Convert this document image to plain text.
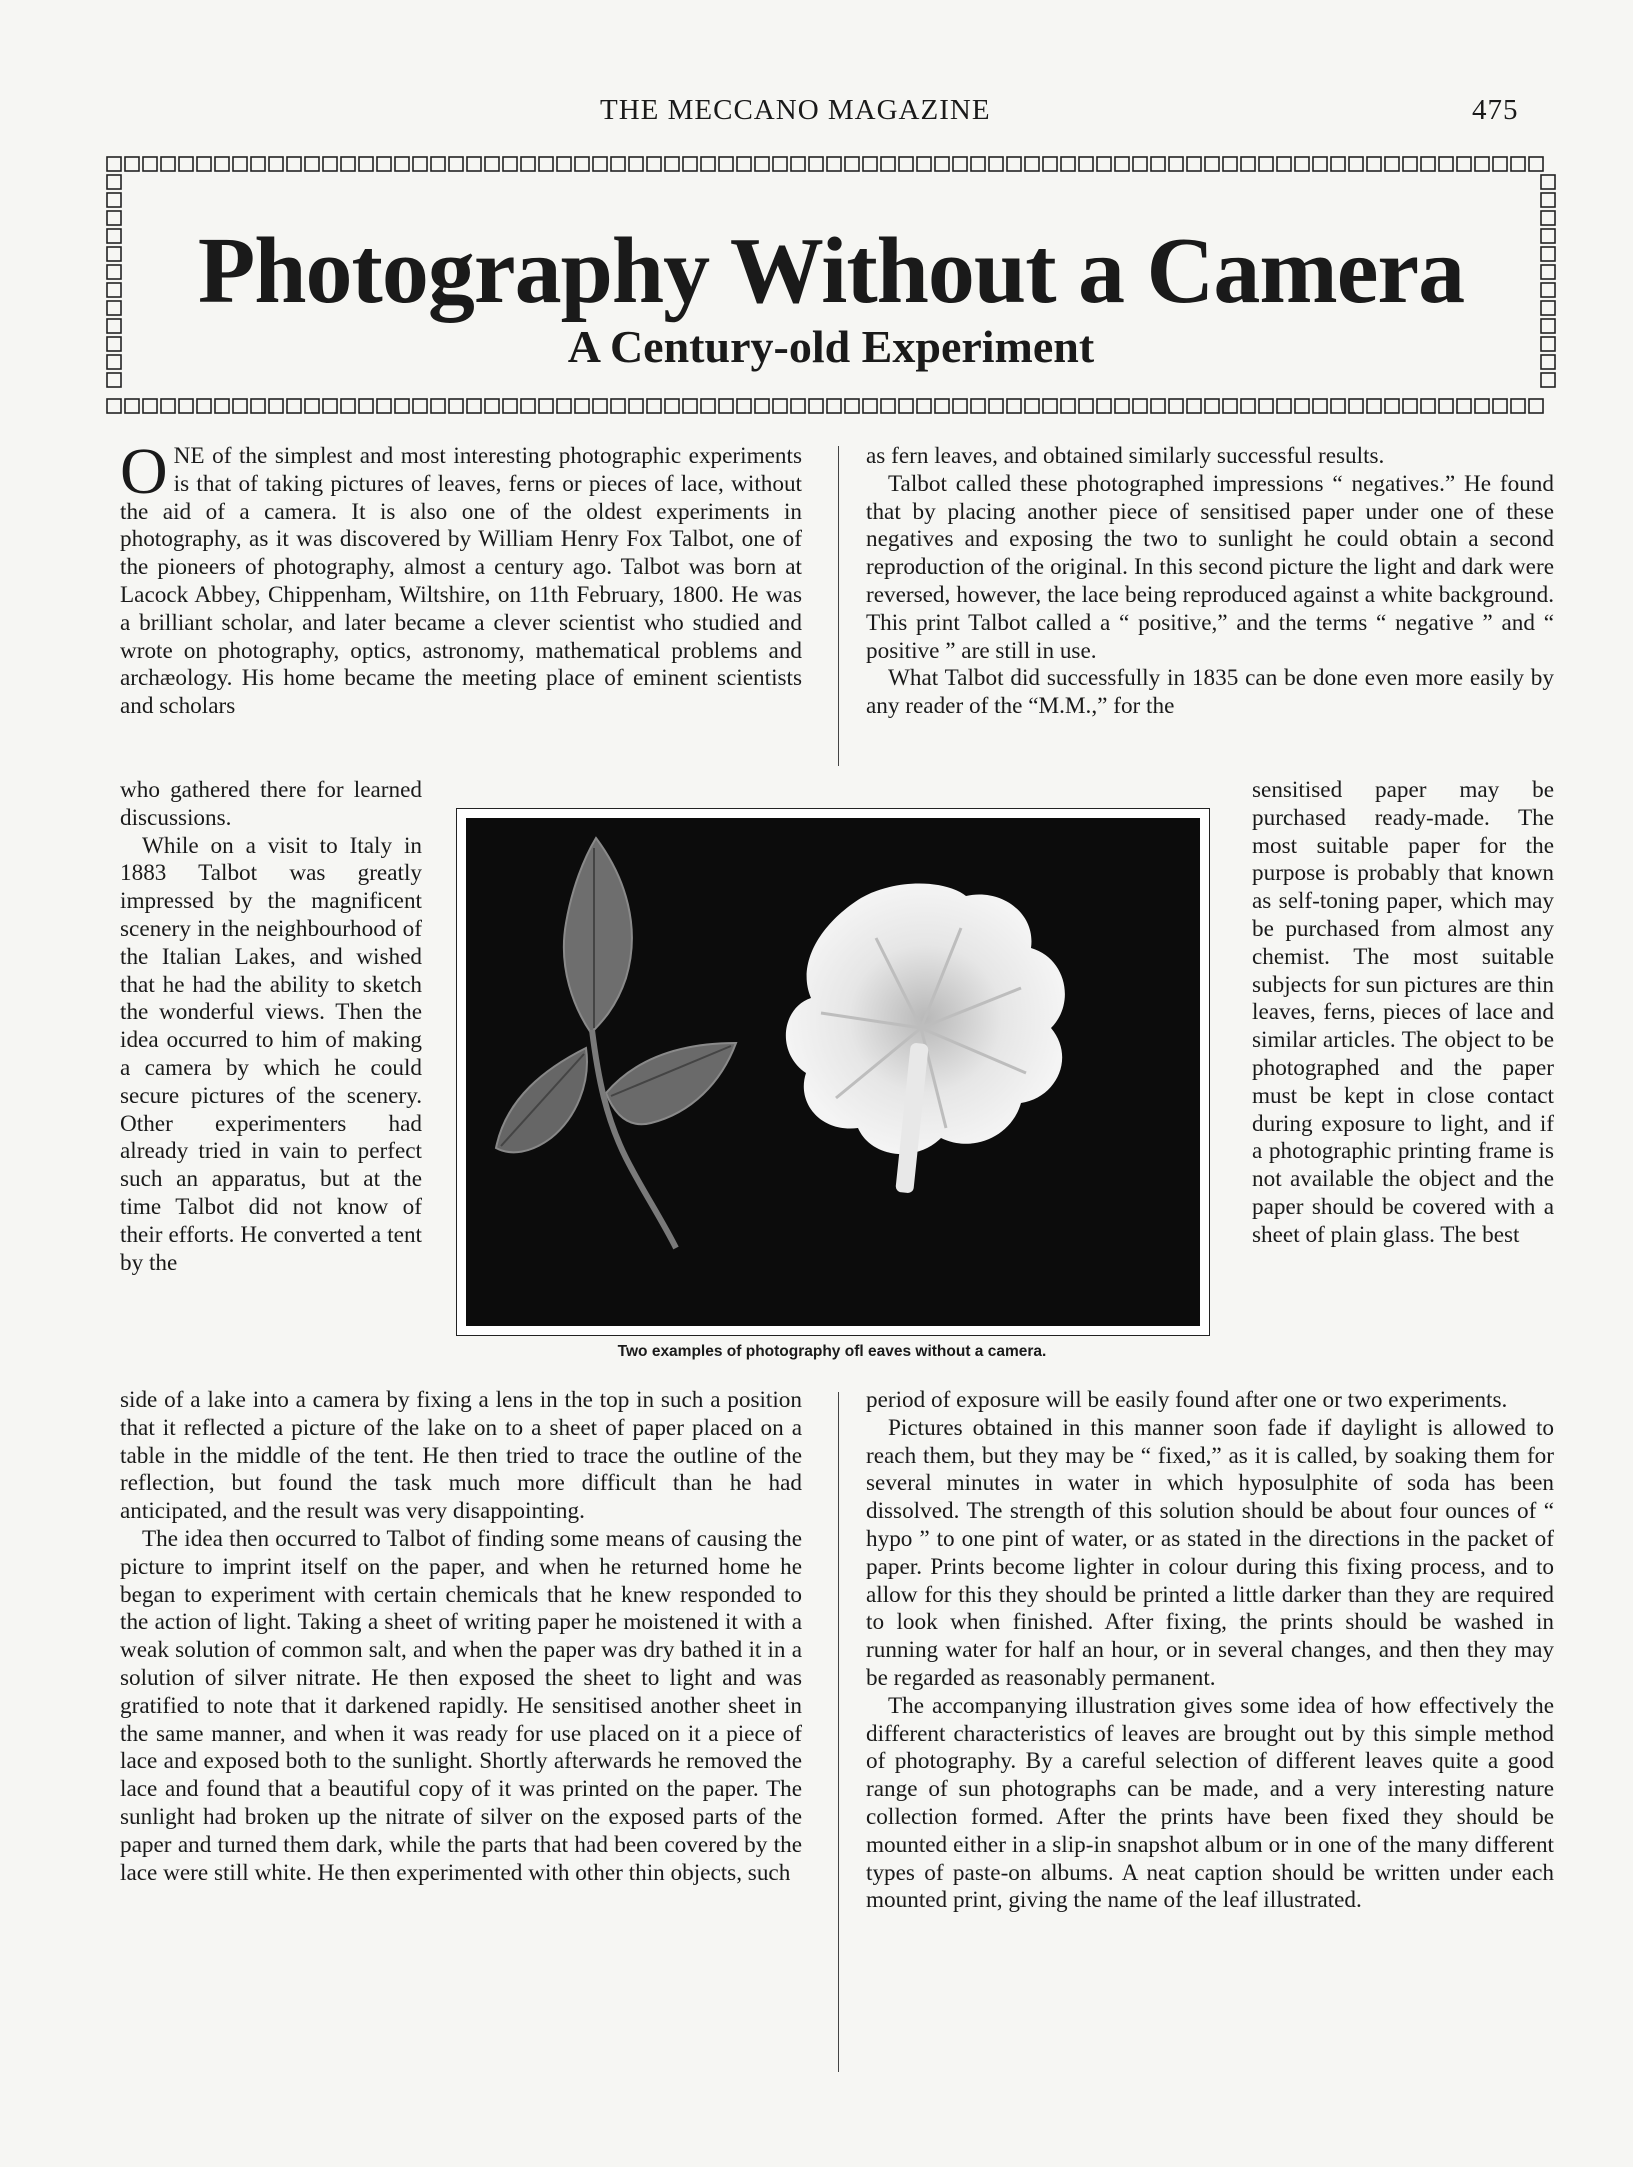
THE MECCANO MAGAZINE	475
Photography Without a Camera
A Century-old Experiment

ONE of the simplest and most interesting photographic experiments is that of taking pictures of leaves, ferns or pieces of lace, without the aid of a camera. It is also one of the oldest experiments in photography, as it was discovered by William Henry Fox Talbot, one of the pioneers of photography, almost a century ago. Talbot was born at Lacock Abbey, Chippenham, Wiltshire, on 11th February, 1800. He was a brilliant scholar, and later became a clever scientist who studied and wrote on photography, optics, astronomy, mathematical problems and archæology. His home became the meeting place of eminent scientists and scholars

who gathered there for learned discussions.

While on a visit to Italy in 1883 Talbot was greatly impressed by the magnificent scenery in the neighbourhood of the Italian Lakes, and wished that he had the ability to sketch the wonderful views. Then the idea occurred to him of making a camera by which he could secure pictures of the scenery. Other experimenters had already tried in vain to perfect such an apparatus, but at the time Talbot did not know of their efforts. He converted a tent by the

side of a lake into a camera by fixing a lens in the top in such a position that it reflected a picture of the lake on to a sheet of paper placed on a table in the middle of the tent. He then tried to trace the outline of the reflection, but found the task much more difficult than he had anticipated, and the result was very disappointing.

The idea then occurred to Talbot of finding some means of causing the picture to imprint itself on the paper, and when he returned home he began to experiment with certain chemicals that he knew responded to the action of light. Taking a sheet of writing paper he moistened it with a weak solution of common salt, and when the paper was dry bathed it in a solution of silver nitrate. He then exposed the sheet to light and was gratified to note that it darkened rapidly. He sensitised another sheet in the same manner, and when it was ready for use placed on it a piece of lace and exposed both to the sunlight. Shortly afterwards he removed the lace and found that a beautiful copy of it was printed on the paper. The sunlight had broken up the nitrate of silver on the exposed parts of the paper and turned them dark, while the parts that had been covered by the lace were still white. He then experimented with other thin objects, such

as fern leaves, and obtained similarly successful results.

Talbot called these photographed impressions “ negatives.” He found that by placing another piece of sensitised paper under one of these negatives and exposing the two to sunlight he could obtain a second reproduction of the original. In this second picture the light and dark were reversed, however, the lace being reproduced against a white background. This print Talbot called a “ positive,” and the terms “ negative ” and “ positive ” are still in use.

What Talbot did successfully in 1835 can be done even more easily by any reader of the “M.M.,” for the

sensitised paper may be purchased ready-made. The most suitable paper for the purpose is probably that known as self-toning paper, which may be purchased from almost any chemist. The most suitable subjects for sun pictures are thin leaves, ferns, pieces of lace and similar articles. The object to be photographed and the paper must be kept in close contact during exposure to light, and if a photographic printing frame is not available the object and the paper should be covered with a sheet of plain glass. The best

period of exposure will be easily found after one or two experiments.

Pictures obtained in this manner soon fade if daylight is allowed to reach them, but they may be “ fixed,” as it is called, by soaking them for several minutes in water in which hyposulphite of soda has been dissolved. The strength of this solution should be about four ounces of “ hypo ” to one pint of water, or as stated in the directions in the packet of paper. Prints become lighter in colour during this fixing process, and to allow for this they should be printed a little darker than they are required to look when finished. After fixing, the prints should be washed in running water for half an hour, or in several changes, and then they may be regarded as reasonably permanent.

The accompanying illustration gives some idea of how effectively the different characteristics of leaves are brought out by this simple method of photography. By a careful selection of different leaves quite a good range of sun photographs can be made, and a very interesting nature collection formed. After the prints have been fixed they should be mounted either in a slip-in snapshot album or in one of the many different types of paste-on albums. A neat caption should be written under each mounted print, giving the name of the leaf illustrated.

Two examples of photography ofl eaves without a camera.
